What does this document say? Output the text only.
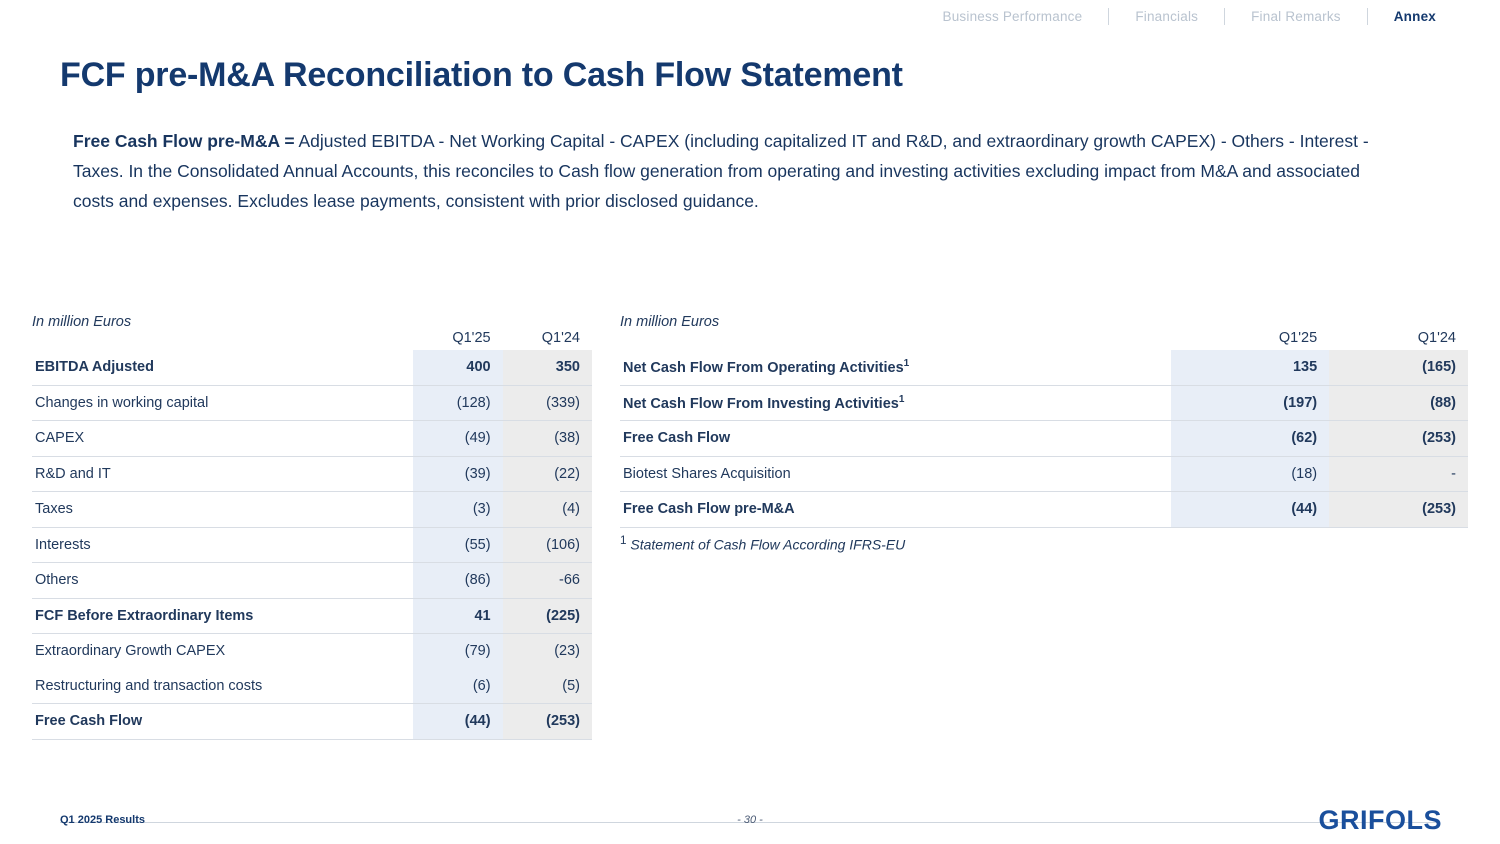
Business Performance	Financials	Final Remarks	Annex
FCF pre-M&A Reconciliation to Cash Flow Statement
Free Cash Flow pre-M&A = Adjusted EBITDA - Net Working Capital - CAPEX (including capitalized IT and R&D, and extraordinary growth CAPEX) - Others - Interest - Taxes. In the Consolidated Annual Accounts, this reconciles to Cash flow generation from operating and investing activities excluding impact from M&A and associated costs and expenses. Excludes lease payments, consistent with prior disclosed guidance.
In million Euros
	Q1'25	Q1'24
EBITDA Adjusted	400	350
Changes in working capital	(128)	(339)
CAPEX	(49)	(38)
R&D and IT	(39)	(22)
Taxes	(3)	(4)
Interests	(55)	(106)
Others	(86)	-66
FCF Before Extraordinary Items	41	(225)
Extraordinary Growth CAPEX	(79)	(23)
Restructuring and transaction costs	(6)	(5)
Free Cash Flow	(44)	(253)
In million Euros
	Q1'25	Q1'24
Net Cash Flow From Operating Activities$^1$	135	(165)
Net Cash Flow From Investing Activities$^1$	(197)	(88)
Free Cash Flow	(62)	(253)
Biotest Shares Acquisition	(18)	-
Free Cash Flow pre-M&A	(44)	(253)
$^1$ Statement of Cash Flow According IFRS-EU
Q1 2025 Results	- 30 -	GRIFOLS
